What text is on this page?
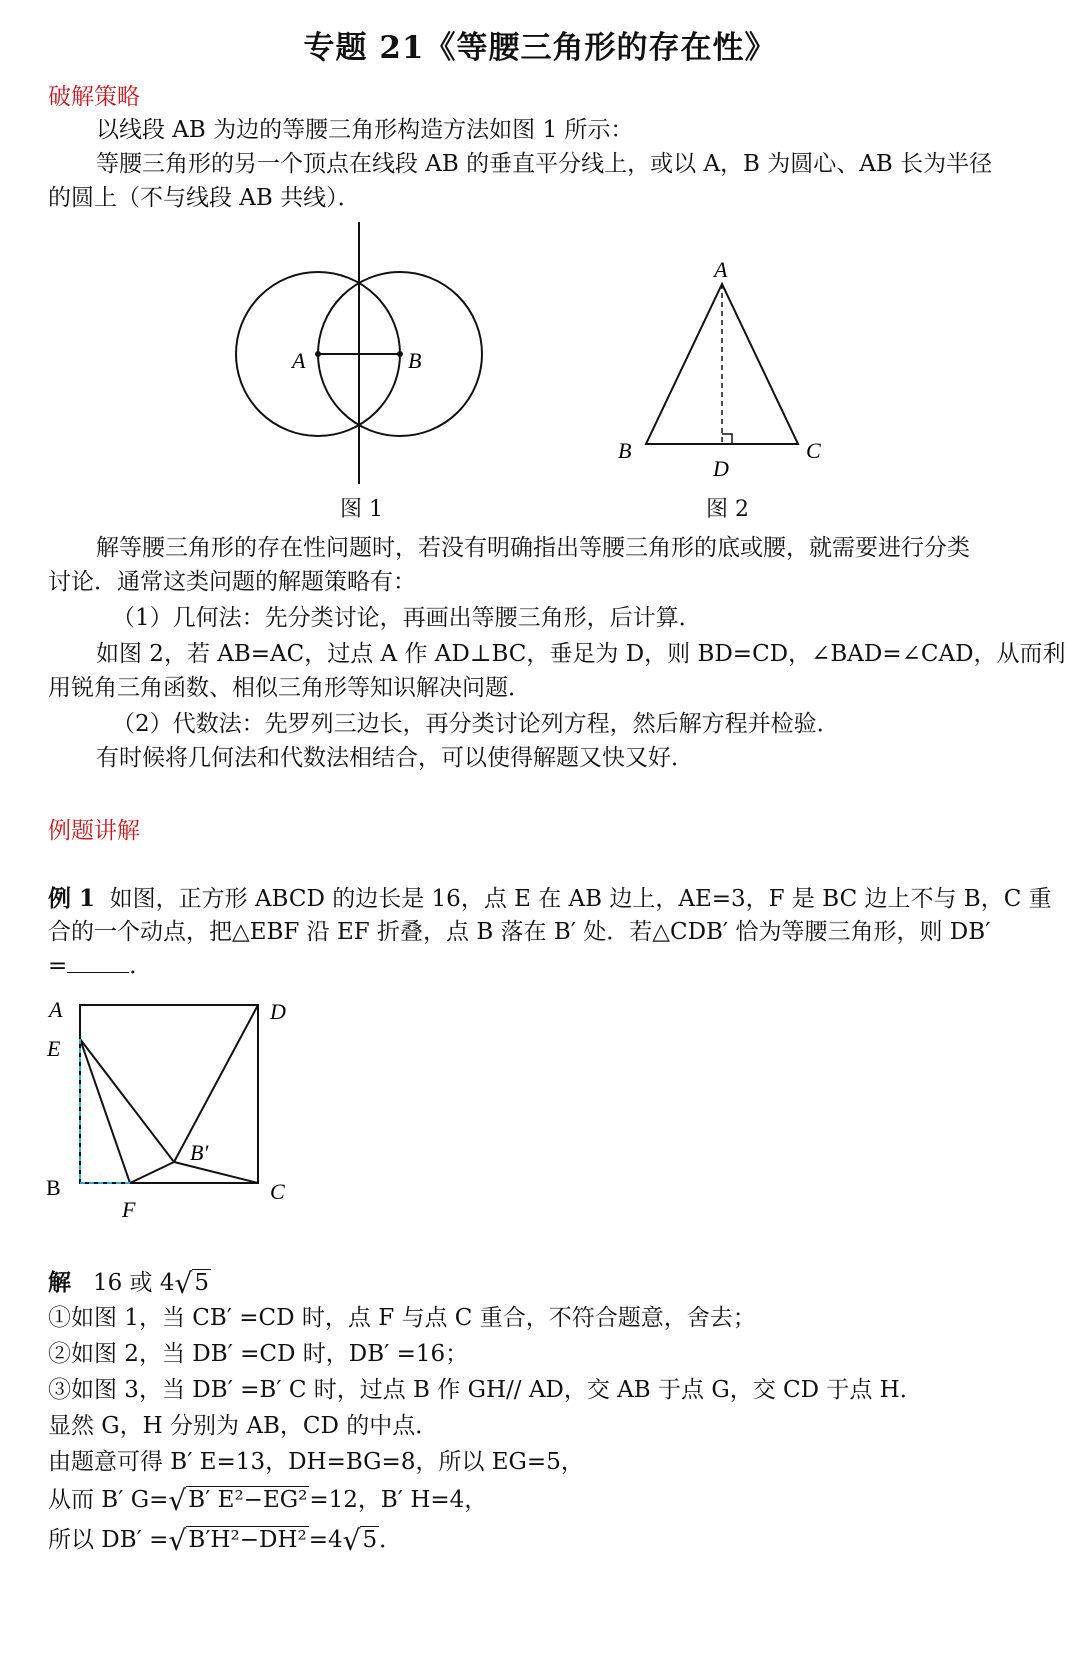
专题 21《等腰三角形的存在性》
破解策略
以线段 AB 为边的等腰三角形构造方法如图 1 所示：
等腰三角形的另一个顶点在线段 AB 的垂直平分线上，或以 A，B 为圆心、AB 长为半径
的圆上（不与线段 AB 共线）．
A	B
图 1
A
B	C
D
图 2
解等腰三角形的存在性问题时，若没有明确指出等腰三角形的底或腰，就需要进行分类
讨论．通常这类问题的解题策略有：
（1）几何法：先分类讨论，再画出等腰三角形，后计算．
如图 2，若 AB=AC，过点 A 作 AD⊥BC，垂足为 D，则 BD=CD，∠BAD=∠CAD，从而利
用锐角三角函数、相似三角形等知识解决问题．
（2）代数法：先罗列三边长，再分类讨论列方程，然后解方程并检验．
有时候将几何法和代数法相结合，可以使得解题又快又好．
例题讲解
例 1 如图，正方形 ABCD 的边长是 16，点 E 在 AB 边上，AE=3，F 是 BC 边上不与 B，C 重
合的一个动点，把△EBF 沿 EF 折叠，点 B 落在 B′ 处．若△CDB′ 恰为等腰三角形，则 DB′
=	．
A	D
E
B′
B
F
C
解 16 或 4√5
①如图 1，当 CB′ =CD 时，点 F 与点 C 重合，不符合题意，舍去；
②如图 2，当 DB′ =CD 时，DB′ =16；
③如图 3，当 DB′ =B′ C 时，过点 B 作 GH// AD，交 AB 于点 G，交 CD 于点 H．
显然 G，H 分别为 AB，CD 的中点．
由题意可得 B′ E=13，DH=BG=8，所以 EG=5，
从而 B′ G=√B′ E²−EG²=12，B′ H=4，
所以 DB′ =√B′H²−DH²=4√5．
